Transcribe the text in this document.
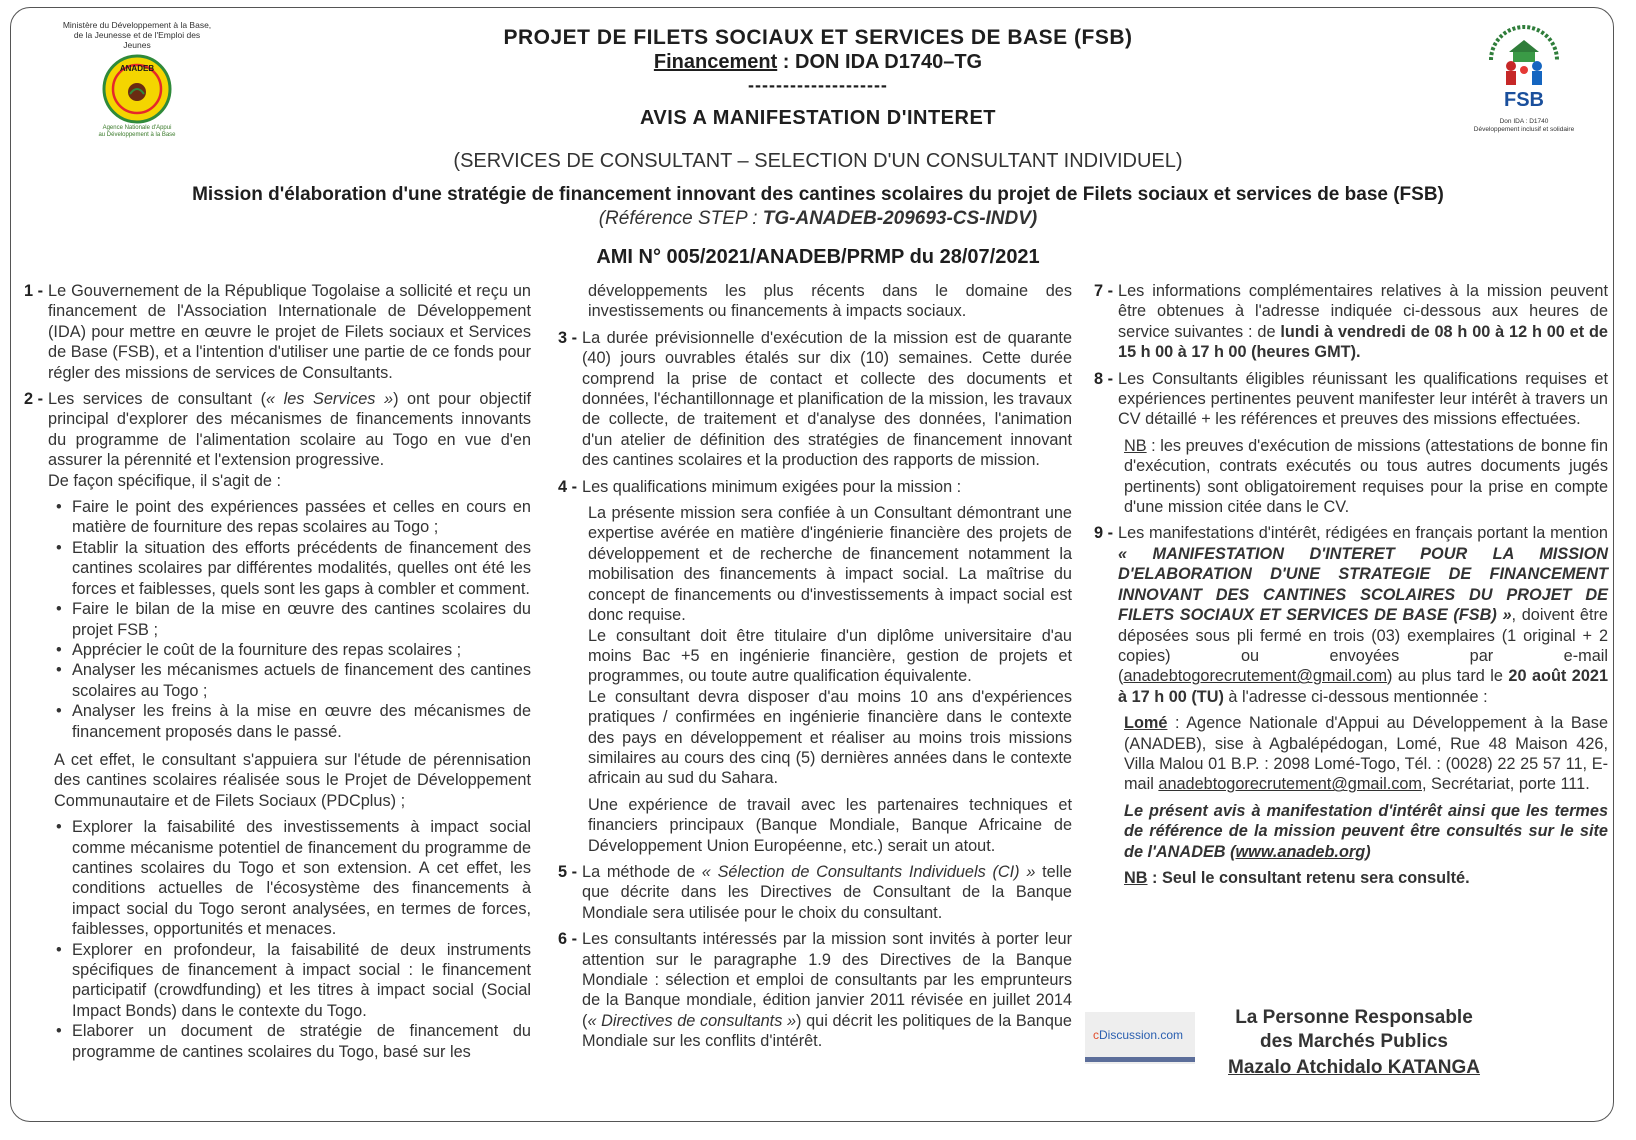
Ministère du Développement à la Base,
de la Jeunesse et de l'Emploi des Jeunes
ANADEB
Agence Nationale d'Appui
au Développement à la Base
FSB
Don IDA : D1740
Développement inclusif et solidaire
PROJET DE FILETS SOCIAUX ET SERVICES DE BASE (FSB)
Financement : DON IDA D1740–TG
--------------------
AVIS A MANIFESTATION D'INTERET
(SERVICES DE CONSULTANT – SELECTION D'UN CONSULTANT INDIVIDUEL)
Mission d'élaboration d'une stratégie de financement innovant des cantines scolaires du projet de Filets sociaux et services de base (FSB)
(Référence STEP : TG-ANADEB-209693-CS-INDV)
AMI N° 005/2021/ANADEB/PRMP du 28/07/2021
1 - Le Gouvernement de la République Togolaise a sollicité et reçu un financement de l'Association Internationale de Développement (IDA) pour mettre en œuvre le projet de Filets sociaux et Services de Base (FSB), et a l'intention d'utiliser une partie de ce fonds pour régler des missions de services de Consultants.
2 - Les services de consultant (« les Services ») ont pour objectif principal d'explorer des mécanismes de financements innovants du programme de l'alimentation scolaire au Togo en vue d'en assurer la pérennité et l'extension progressive.
De façon spécifique, il s'agit de :
• Faire le point des expériences passées et celles en cours en matière de fourniture des repas scolaires au Togo ;
• Etablir la situation des efforts précédents de financement des cantines scolaires par différentes modalités, quelles ont été les forces et faiblesses, quels sont les gaps à combler et comment.
• Faire le bilan de la mise en œuvre des cantines scolaires du projet FSB ;
• Apprécier le coût de la fourniture des repas scolaires ;
• Analyser les mécanismes actuels de financement des cantines scolaires au Togo ;
• Analyser les freins à la mise en œuvre des mécanismes de financement proposés dans le passé.
A cet effet, le consultant s'appuiera sur l'étude de pérennisation des cantines scolaires réalisée sous le Projet de Développement Communautaire et de Filets Sociaux (PDCplus) ;
• Explorer la faisabilité des investissements à impact social comme mécanisme potentiel de financement du programme de cantines scolaires du Togo et son extension. A cet effet, les conditions actuelles de l'écosystème des financements à impact social du Togo seront analysées, en termes de forces, faiblesses, opportunités et menaces.
• Explorer en profondeur, la faisabilité de deux instruments spécifiques de financement à impact social : le financement participatif (crowdfunding) et les titres à impact social (Social Impact Bonds) dans le contexte du Togo.
• Elaborer un document de stratégie de financement du programme de cantines scolaires du Togo, basé sur les
développements les plus récents dans le domaine des investissements ou financements à impacts sociaux.
3 - La durée prévisionnelle d'exécution de la mission est de quarante (40) jours ouvrables étalés sur dix (10) semaines. Cette durée comprend la prise de contact et collecte des documents et données, l'échantillonnage et planification de la mission, les travaux de collecte, de traitement et d'analyse des données, l'animation d'un atelier de définition des stratégies de financement innovant des cantines scolaires et la production des rapports de mission.
4 - Les qualifications minimum exigées pour la mission :
La présente mission sera confiée à un Consultant démontrant une expertise avérée en matière d'ingénierie financière des projets de développement et de recherche de financement notamment la mobilisation des financements à impact social. La maîtrise du concept de financements ou d'investissements à impact social est donc requise.
Le consultant doit être titulaire d'un diplôme universitaire d'au moins Bac +5 en ingénierie financière, gestion de projets et programmes, ou toute autre qualification équivalente.
Le consultant devra disposer d'au moins 10 ans d'expériences pratiques / confirmées en ingénierie financière dans le contexte des pays en développement et réaliser au moins trois missions similaires au cours des cinq (5) dernières années dans le contexte africain au sud du Sahara.
Une expérience de travail avec les partenaires techniques et financiers principaux (Banque Mondiale, Banque Africaine de Développement Union Européenne, etc.) serait un atout.
5 - La méthode de « Sélection de Consultants Individuels (CI) » telle que décrite dans les Directives de Consultant de la Banque Mondiale sera utilisée pour le choix du consultant.
6 - Les consultants intéressés par la mission sont invités à porter leur attention sur le paragraphe 1.9 des Directives de la Banque Mondiale : sélection et emploi de consultants par les emprunteurs de la Banque mondiale, édition janvier 2011 révisée en juillet 2014 (« Directives de consultants ») qui décrit les politiques de la Banque Mondiale sur les conflits d'intérêt.
7 - Les informations complémentaires relatives à la mission peuvent être obtenues à l'adresse indiquée ci-dessous aux heures de service suivantes : de lundi à vendredi de 08 h 00 à 12 h 00 et de 15 h 00 à 17 h 00 (heures GMT).
8 - Les Consultants éligibles réunissant les qualifications requises et expériences pertinentes peuvent manifester leur intérêt à travers un CV détaillé + les références et preuves des missions effectuées.
NB : les preuves d'exécution de missions (attestations de bonne fin d'exécution, contrats exécutés ou tous autres documents jugés pertinents) sont obligatoirement requises pour la prise en compte d'une mission citée dans le CV.
9 - Les manifestations d'intérêt, rédigées en français portant la mention « MANIFESTATION D'INTERET POUR LA MISSION D'ELABORATION D'UNE STRATEGIE DE FINANCEMENT INNOVANT DES CANTINES SCOLAIRES DU PROJET DE FILETS SOCIAUX ET SERVICES DE BASE (FSB) », doivent être déposées sous pli fermé en trois (03) exemplaires (1 original + 2 copies) ou envoyées par e-mail (anadebtogorecrutement@gmail.com) au plus tard le 20 août 2021 à 17 h 00 (TU) à l'adresse ci-dessous mentionnée :
Lomé : Agence Nationale d'Appui au Développement à la Base (ANADEB), sise à Agbalépédogan, Lomé, Rue 48 Maison 426, Villa Malou 01 B.P. : 2098 Lomé-Togo, Tél. : (0028) 22 25 57 11, E-mail anadebtogorecrutement@gmail.com, Secrétariat, porte 111.
Le présent avis à manifestation d'intérêt ainsi que les termes de référence de la mission peuvent être consultés sur le site de l'ANADEB (www.anadeb.org)
NB : Seul le consultant retenu sera consulté.
cDiscussion.com
La Personne Responsable
des Marchés Publics
Mazalo Atchidalo KATANGA
